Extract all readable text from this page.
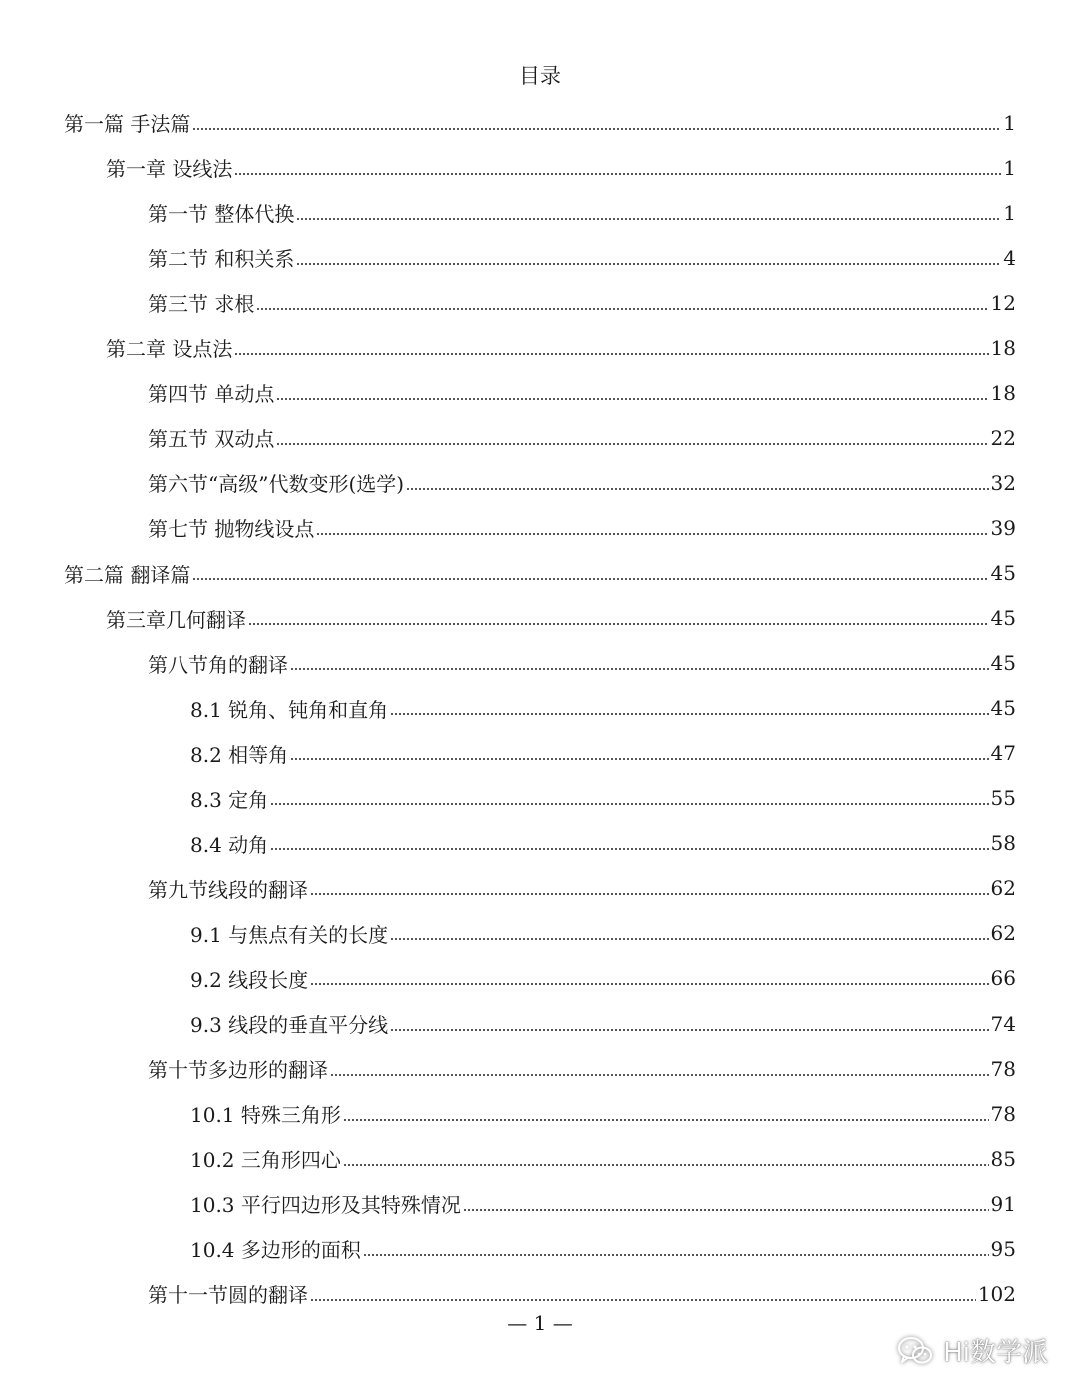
目录
第一篇 手法篇	1
第一章 设线法	1
第一节 整体代换	1
第二节 和积关系	4
第三节 求根	12
第二章 设点法	18
第四节 单动点	18
第五节 双动点	22
第六节“高级”代数变形(选学)	32
第七节 抛物线设点	39
第二篇 翻译篇	45
第三章几何翻译	45
第八节角的翻译	45
8.1 锐角、钝角和直角	45
8.2 相等角	47
8.3 定角	55
8.4 动角	58
第九节线段的翻译	62
9.1 与焦点有关的长度	62
9.2 线段长度	66
9.3 线段的垂直平分线	74
第十节多边形的翻译	78
10.1 特殊三角形	78
10.2 三角形四心	85
10.3 平行四边形及其特殊情况	91
10.4 多边形的面积	95
第十一节圆的翻译	102
— 1 —
Hi数学派
